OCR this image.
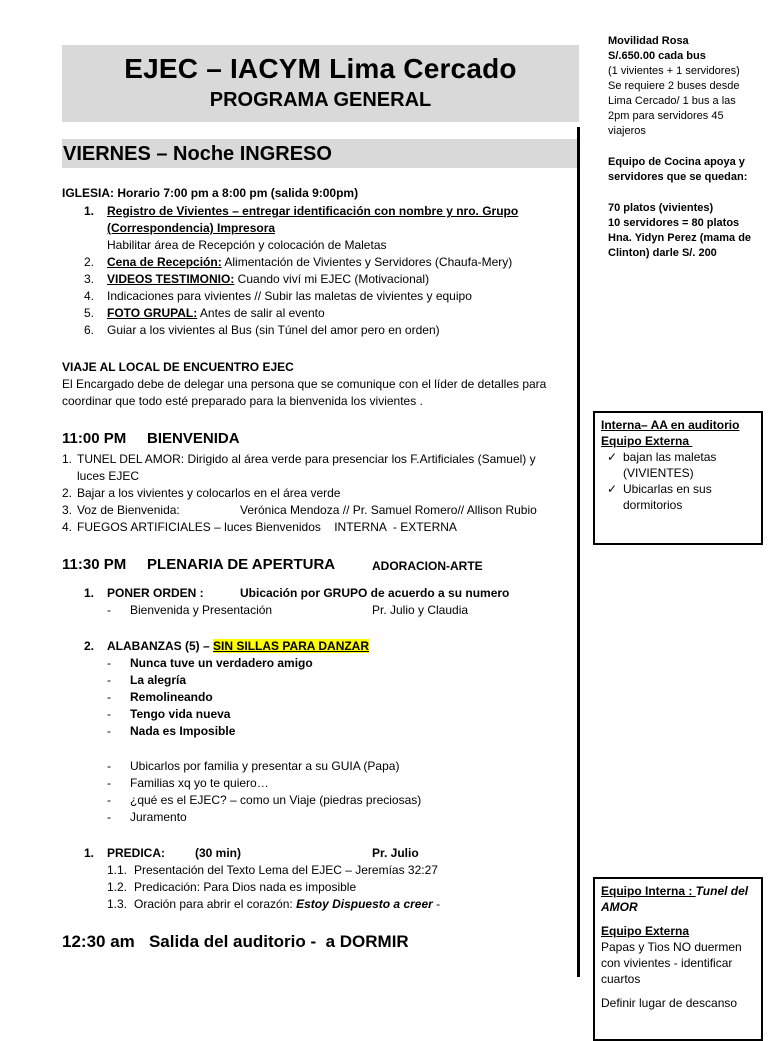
EJEC – IACYM Lima Cercado
PROGRAMA GENERAL
VIERNES – Noche INGRESO
IGLESIA: Horario 7:00 pm a 8:00 pm (salida 9:00pm)
1. Registro de Vivientes – entregar identificación con nombre y nro. Grupo
(Correspondencia) Impresora
Habilitar área de Recepción y colocación de Maletas
2. Cena de Recepción: Alimentación de Vivientes y Servidores (Chaufa-Mery)
3. VIDEOS TESTIMONIO: Cuando viví mi EJEC (Motivacional)
4. Indicaciones para vivientes // Subir las maletas de vivientes y equipo
5. FOTO GRUPAL: Antes de salir al evento
6. Guiar a los vivientes al Bus (sin Túnel del amor pero en orden)
VIAJE AL LOCAL DE ENCUENTRO EJEC
El Encargado debe de delegar una persona que se comunique con el líder de detalles para
coordinar que todo esté preparado para la bienvenida los vivientes .
11:00 PM     BIENVENIDA
1. TUNEL DEL AMOR: Dirigido al área verde para presenciar los F.Artificiales (Samuel) y
luces EJEC
2. Bajar a los vivientes y colocarlos en el área verde
3. Voz de Bienvenida:	Verónica Mendoza // Pr. Samuel Romero// Allison Rubio
4. FUEGOS ARTIFICIALES – luces Bienvenidos    INTERNA  - EXTERNA
11:30 PM     PLENARIA DE APERTURA	ADORACION-ARTE
1. PONER ORDEN :	Ubicación por GRUPO de acuerdo a su numero
- Bienvenida y Presentación	Pr. Julio y Claudia
2. ALABANZAS (5) – SIN SILLAS PARA DANZAR
- Nunca tuve un verdadero amigo
- La alegría
- Remolineando
- Tengo vida nueva
- Nada es Imposible
- Ubicarlos por familia y presentar a su GUIA (Papa)
- Familias xq yo te quiero…
- ¿qué es el EJEC? – como un Viaje (piedras preciosas)
- Juramento
1. PREDICA: (30 min)	Pr. Julio
1.1. Presentación del Texto Lema del EJEC – Jeremías 32:27
1.2. Predicación: Para Dios nada es imposible
1.3. Oración para abrir el corazón: Estoy Dispuesto a creer -
12:30 am   Salida del auditorio -  a DORMIR
Movilidad Rosa
S/.650.00 cada bus
(1 vivientes + 1 servidores)
Se requiere 2 buses desde
Lima Cercado/ 1 bus a las
2pm para servidores 45
viajeros
Equipo de Cocina apoya y
servidores que se quedan:
70 platos (vivientes)
10 servidores = 80 platos
Hna. Yidyn Perez (mama de
Clinton) darle S/. 200
Interna– AA en auditorio
Equipo Externa
✓ bajan las maletas
(VIVIENTES)
✓ Ubicarlas en sus
dormitorios
Equipo Interna : Tunel del
AMOR
Equipo Externa
Papas y Tios NO duermen
con vivientes - identificar
cuartos
Definir lugar de descanso
